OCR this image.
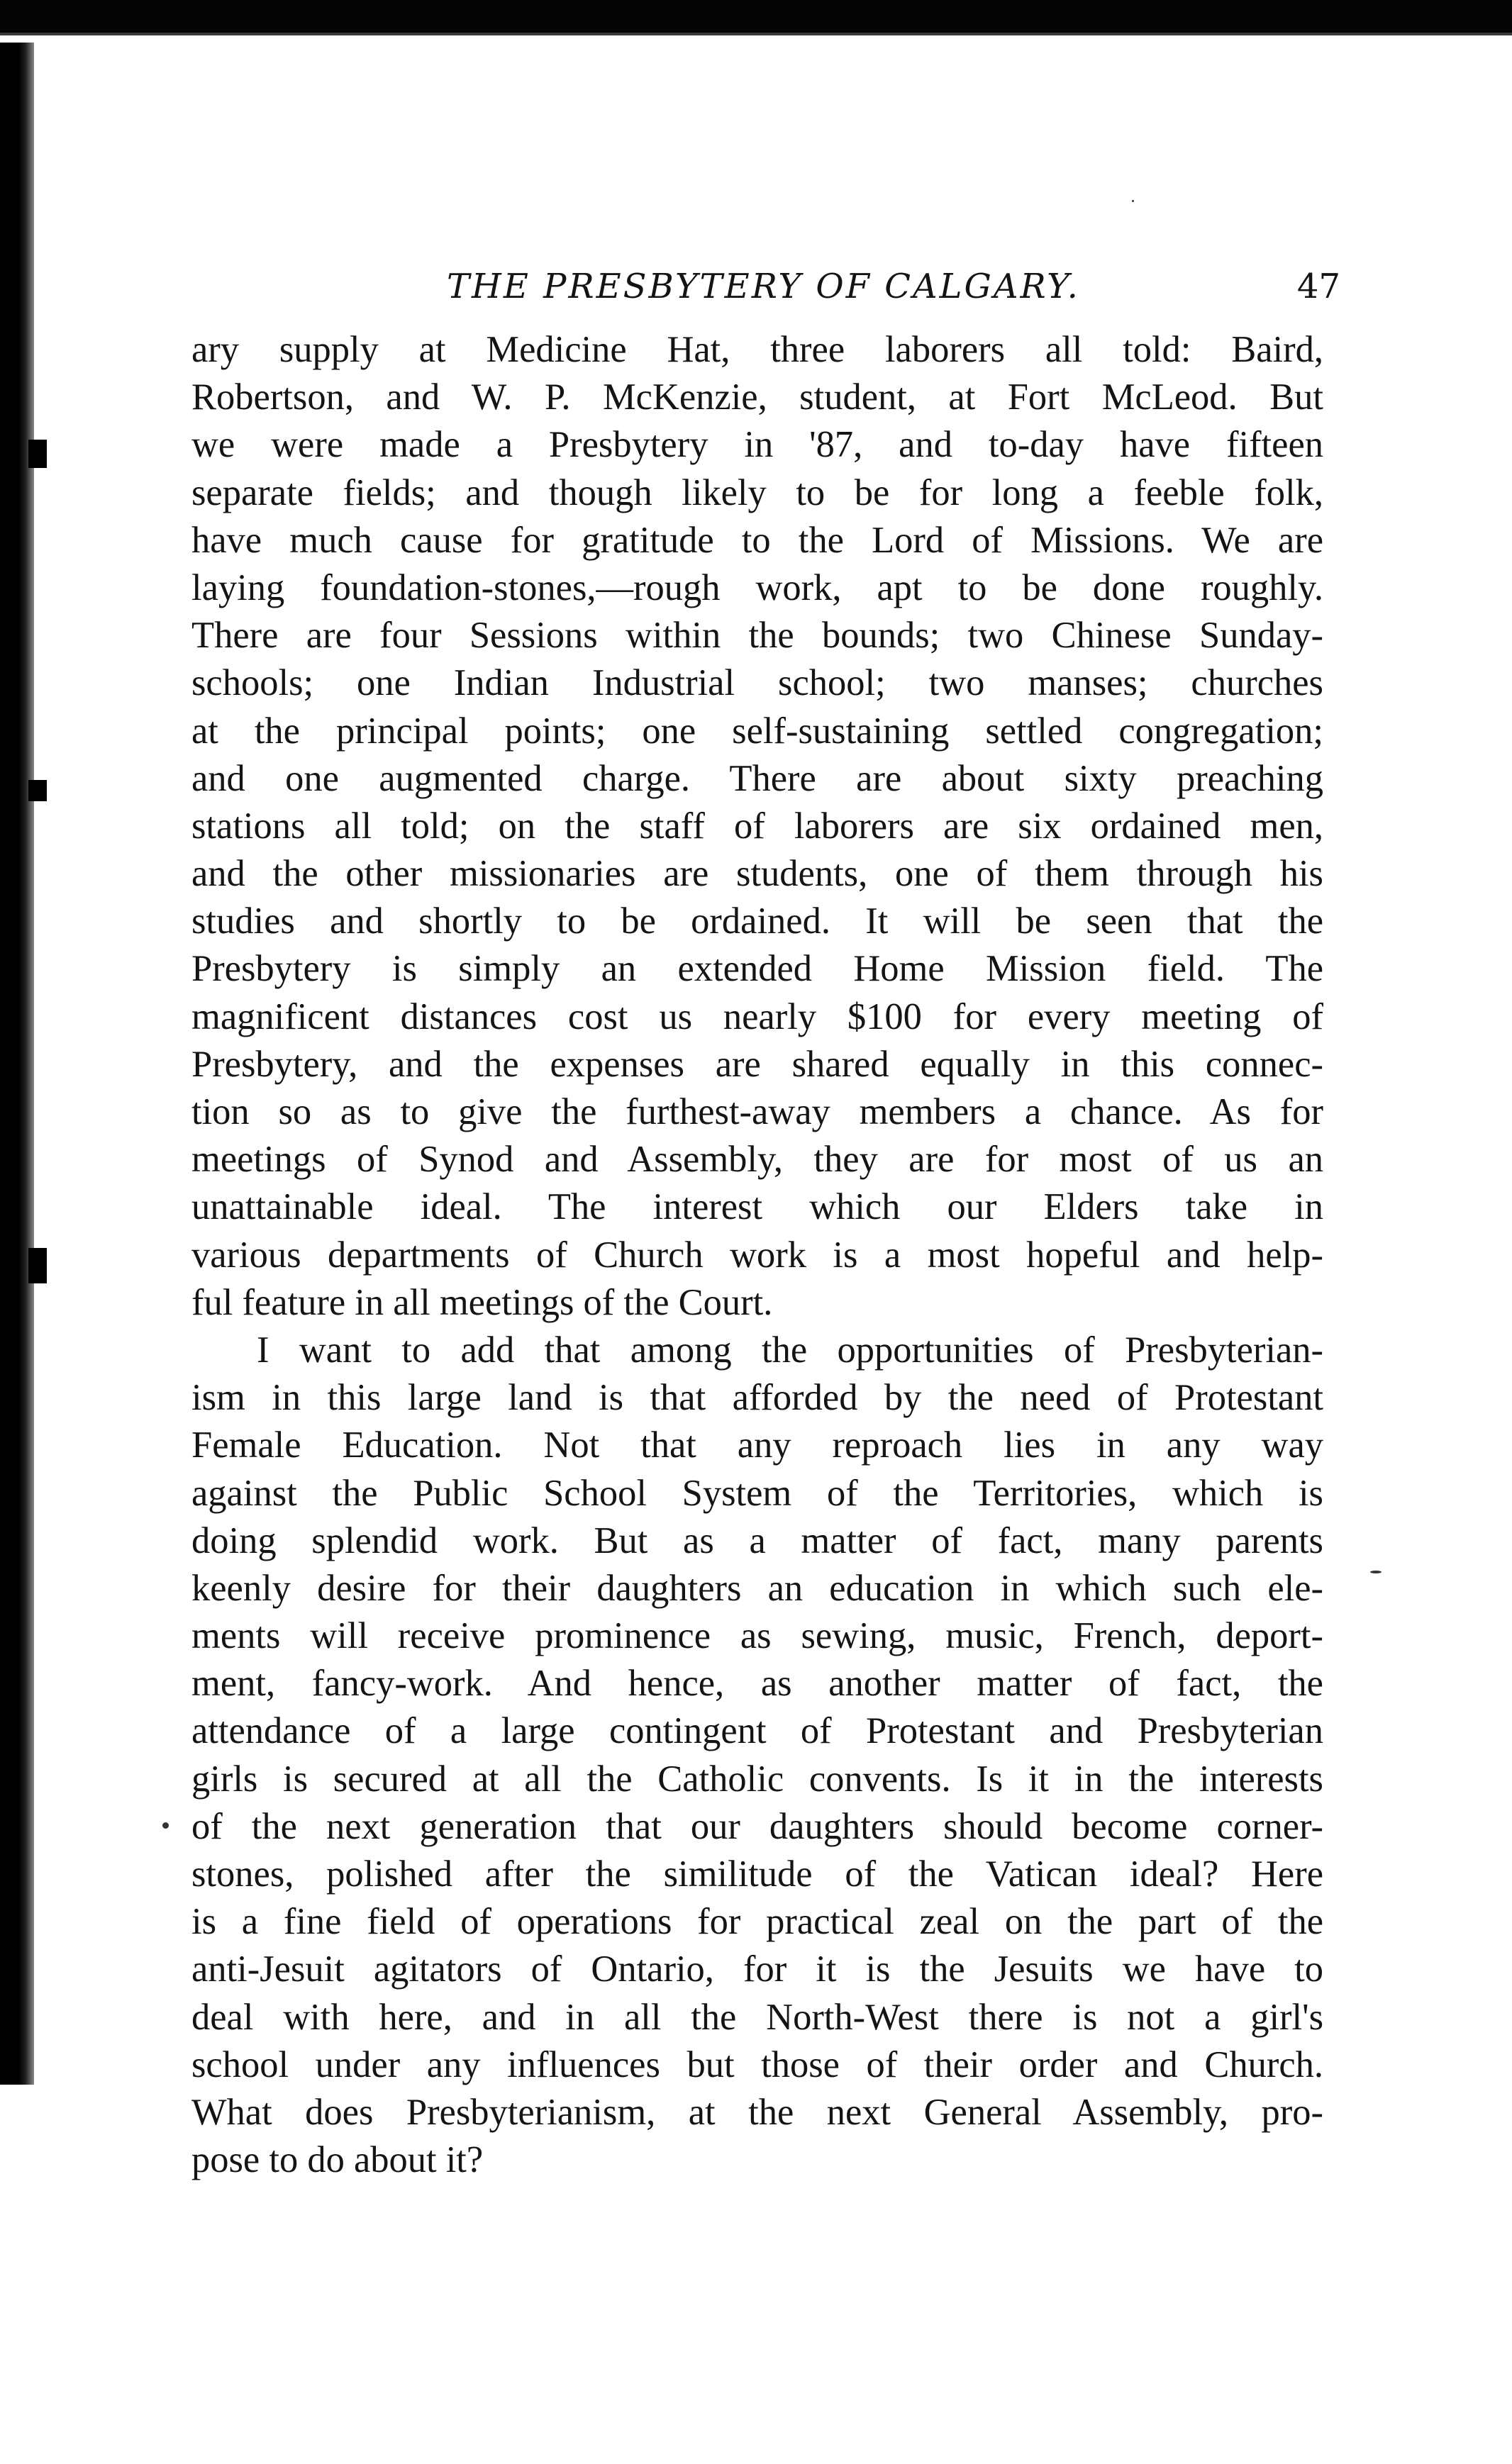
THE PRESBYTERY OF CALGARY.	47
ary supply at Medicine Hat, three laborers all told: Baird,
Robertson, and W. P. McKenzie, student, at Fort McLeod. But
we were made a Presbytery in '87, and to-day have fifteen
separate fields; and though likely to be for long a feeble folk,
have much cause for gratitude to the Lord of Missions. We are
laying foundation-stones,—rough work, apt to be done roughly.
There are four Sessions within the bounds; two Chinese Sunday-
schools; one Indian Industrial school; two manses; churches
at the principal points; one self-sustaining settled congregation;
and one augmented charge. There are about sixty preaching
stations all told; on the staff of laborers are six ordained men,
and the other missionaries are students, one of them through his
studies and shortly to be ordained. It will be seen that the
Presbytery is simply an extended Home Mission field. The
magnificent distances cost us nearly $100 for every meeting of
Presbytery, and the expenses are shared equally in this connec-
tion so as to give the furthest-away members a chance. As for
meetings of Synod and Assembly, they are for most of us an
unattainable ideal. The interest which our Elders take in
various departments of Church work is a most hopeful and help-
ful feature in all meetings of the Court.
I want to add that among the opportunities of Presbyterian-
ism in this large land is that afforded by the need of Protestant
Female Education. Not that any reproach lies in any way
against the Public School System of the Territories, which is
doing splendid work. But as a matter of fact, many parents
keenly desire for their daughters an education in which such ele-
ments will receive prominence as sewing, music, French, deport-
ment, fancy-work. And hence, as another matter of fact, the
attendance of a large contingent of Protestant and Presbyterian
girls is secured at all the Catholic convents. Is it in the interests
of the next generation that our daughters should become corner-
stones, polished after the similitude of the Vatican ideal? Here
is a fine field of operations for practical zeal on the part of the
anti-Jesuit agitators of Ontario, for it is the Jesuits we have to
deal with here, and in all the North-West there is not a girl's
school under any influences but those of their order and Church.
What does Presbyterianism, at the next General Assembly, pro-
pose to do about it?
